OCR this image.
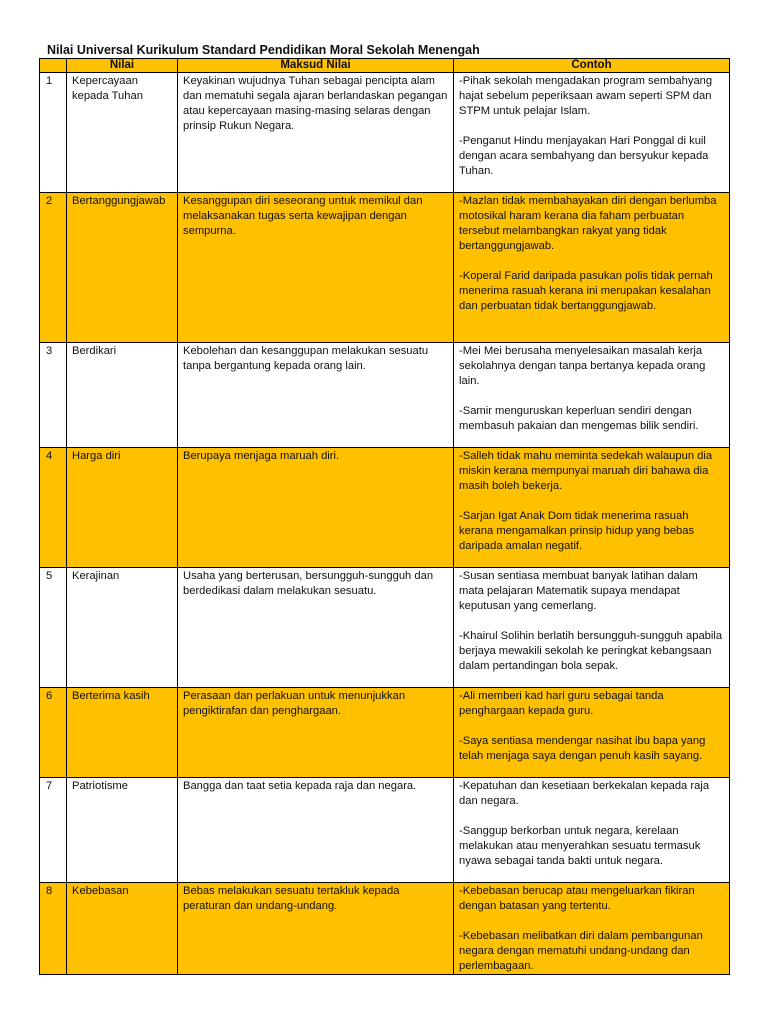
Nilai Universal Kurikulum Standard Pendidikan Moral Sekolah Menengah
	Nilai	Maksud Nilai	Contoh
1	Kepercayaan kepada Tuhan	Keyakinan wujudnya Tuhan sebagai pencipta alam dan mematuhi segala ajaran berlandaskan pegangan atau kepercayaan masing-masing selaras dengan prinsip Rukun Negara.	-Pihak sekolah mengadakan program sembahyang hajat sebelum peperiksaan awam seperti SPM dan STPM untuk pelajar Islam.

-Penganut Hindu menjayakan Hari Ponggal di kuil dengan acara sembahyang dan bersyukur kepada Tuhan.

2	Bertanggungjawab	Kesanggupan diri seseorang untuk memikul dan melaksanakan tugas serta kewajipan dengan sempurna.	-Mazlan tidak membahayakan diri dengan berlumba motosikal haram kerana dia faham perbuatan tersebut melambangkan rakyat yang tidak bertanggungjawab.

-Koperal Farid daripada pasukan polis tidak pernah menerima rasuah kerana ini merupakan kesalahan dan perbuatan tidak bertanggungjawab.

3	Berdikari	Kebolehan dan kesanggupan melakukan sesuatu tanpa bergantung kepada orang lain.	-Mei Mei berusaha menyelesaikan masalah kerja sekolahnya dengan tanpa bertanya kepada orang lain.

-Samir menguruskan keperluan sendiri dengan membasuh pakaian dan mengemas bilik sendiri.

4	Harga diri	Berupaya menjaga maruah diri.	-Salleh tidak mahu meminta sedekah walaupun dia miskin kerana mempunyai maruah diri bahawa dia masih boleh bekerja.

-Sarjan Igat Anak Dom tidak menerima rasuah kerana mengamalkan prinsip hidup yang bebas daripada amalan negatif.

5	Kerajinan	Usaha yang berterusan, bersungguh-sungguh dan berdedikasi dalam melakukan sesuatu.	-Susan sentiasa membuat banyak latihan dalam mata pelajaran Matematik supaya mendapat keputusan yang cemerlang.

-Khairul Solihin berlatih bersungguh-sungguh apabila berjaya mewakili sekolah ke peringkat kebangsaan dalam pertandingan bola sepak.

6	Berterima kasih	Perasaan dan perlakuan untuk menunjukkan pengiktirafan dan penghargaan.	-Ali memberi kad hari guru sebagai tanda penghargaan kepada guru.

-Saya sentiasa mendengar nasihat ibu bapa yang telah menjaga saya dengan penuh kasih sayang.

7	Patriotisme	Bangga dan taat setia kepada raja dan negara.	-Kepatuhan dan kesetiaan berkekalan kepada raja dan negara.

-Sanggup berkorban untuk negara, kerelaan melakukan atau menyerahkan sesuatu termasuk nyawa sebagai tanda bakti untuk negara.

8	Kebebasan	Bebas melakukan sesuatu tertakluk kepada peraturan dan undang-undang.	-Kebebasan berucap atau mengeluarkan fikiran dengan batasan yang tertentu.

-Kebebasan melibatkan diri dalam pembangunan negara dengan mematuhi undang-undang dan perlembagaan.
